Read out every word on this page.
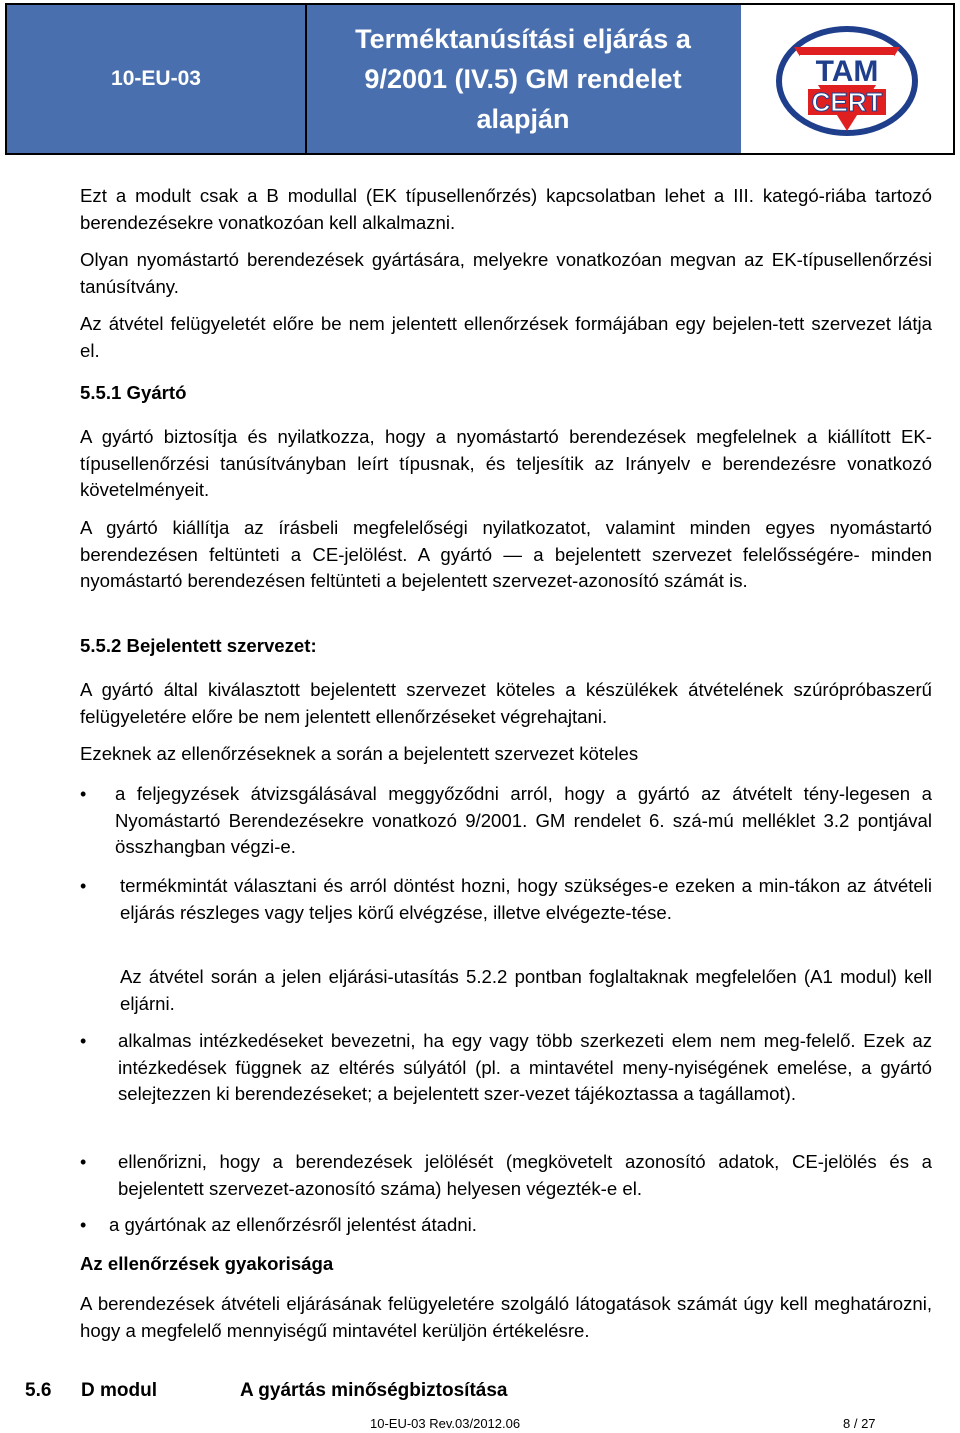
10-EU-03
Terméktanúsítási eljárás a
9/2001 (IV.5) GM rendelet
alapján
TAM
CERT

Ezt a modult csak a B modullal (EK típusellenőrzés) kapcsolatban lehet a III. kategó-riába tartozó berendezésekre vonatkozóan kell alkalmazni.

Olyan nyomástartó berendezések gyártására, melyekre vonatkozóan megvan az EK-típusellenőrzési tanúsítvány.

Az átvétel felügyeletét előre be nem jelentett ellenőrzések formájában egy bejelen-tett szervezet látja el.

5.5.1 Gyártó

A gyártó biztosítja és nyilatkozza, hogy a nyomástartó berendezések megfelelnek a kiállított EK-típusellenőrzési tanúsítványban leírt típusnak, és teljesítik az Irányelv e berendezésre vonatkozó követelményeit.

A gyártó kiállítja az írásbeli megfelelőségi nyilatkozatot, valamint minden egyes nyomástartó berendezésen feltünteti a CE-jelölést. A gyártó — a bejelentett szervezet felelősségére- minden nyomástartó berendezésen feltünteti a bejelentett szervezet-azonosító számát is.

5.5.2 Bejelentett szervezet:

A gyártó által kiválasztott bejelentett szervezet köteles a készülékek átvételének szúrópróbaszerű felügyeletére előre be nem jelentett ellenőrzéseket végrehajtani.

Ezeknek az ellenőrzéseknek a során a bejelentett szervezet köteles

•	a feljegyzések átvizsgálásával meggyőződni arról, hogy a gyártó az átvételt tény-legesen a Nyomástartó Berendezésekre vonatkozó 9/2001. GM rendelet 6. szá-mú melléklet 3.2 pontjával összhangban végzi-e.

•	termékmintát választani és arról döntést hozni, hogy szükséges-e ezeken a min-tákon az átvételi eljárás részleges vagy teljes körű elvégzése, illetve elvégezte-tése.

Az átvétel során a jelen eljárási-utasítás 5.2.2 pontban foglaltaknak megfelelően (A1 modul) kell eljárni.

•	alkalmas intézkedéseket bevezetni, ha egy vagy több szerkezeti elem nem meg-felelő. Ezek az intézkedések függnek az eltérés súlyától (pl. a mintavétel meny-nyiségének emelése, a gyártó selejtezzen ki berendezéseket; a bejelentett szer-vezet tájékoztassa a tagállamot).

•	ellenőrizni, hogy a berendezések jelölését (megkövetelt azonosító adatok, CE-jelölés és a bejelentett szervezet-azonosító száma) helyesen végezték-e el.

•	a gyártónak az ellenőrzésről jelentést átadni.

Az ellenőrzések gyakorisága

A berendezések átvételi eljárásának felügyeletére szolgáló látogatások számát úgy kell meghatározni, hogy a megfelelő mennyiségű mintavétel kerüljön értékelésre.

5.6 D modul	A gyártás minőségbiztosítása
10-EU-03 Rev.03/2012.06	8 / 27
